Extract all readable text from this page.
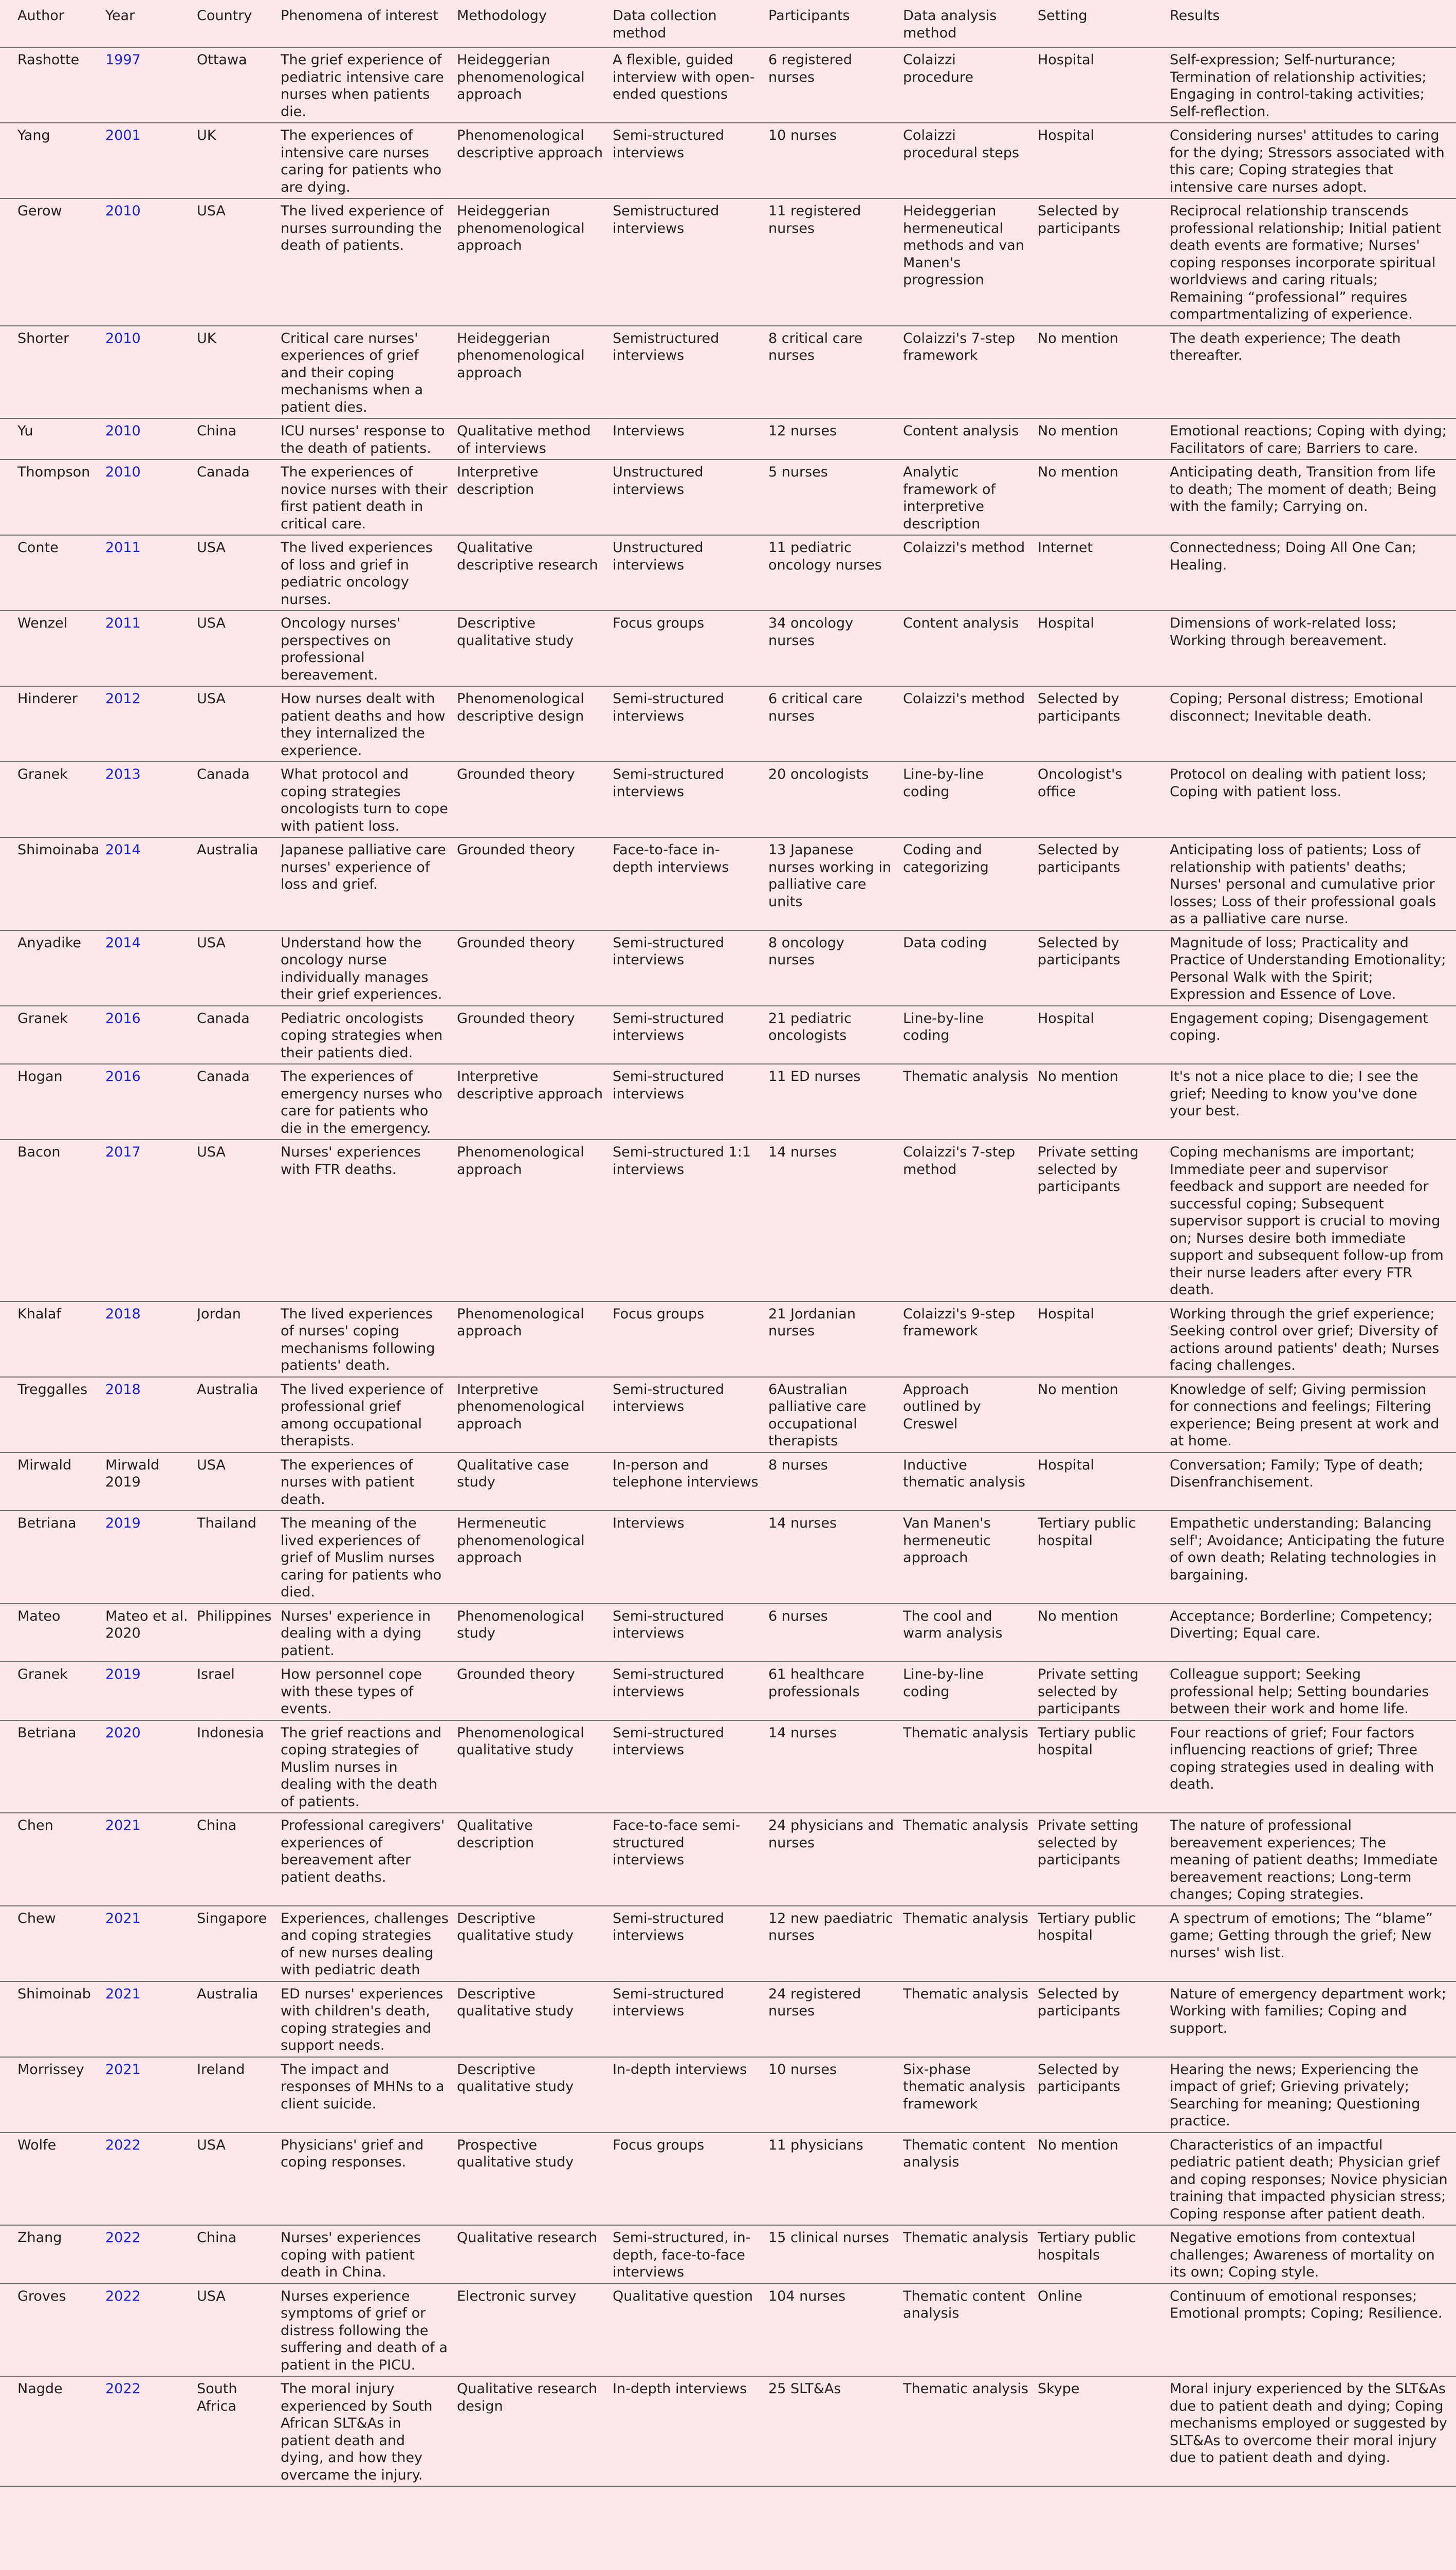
Author	Year	Country	Phenomena of interest	Methodology	Data collection method	Participants	Data analysis method	Setting	Results
Rashotte	1997	Ottawa	The grief experience of pediatric intensive care nurses when patients die.	Heideggerian phenomenological approach	A flexible, guided interview with open-ended questions	6 registered nurses	Colaizzi procedure	Hospital	Self-expression; Self-nurturance; Termination of relationship activities; Engaging in control-taking activities; Self-reflection.
Yang	2001	UK	The experiences of intensive care nurses caring for patients who are dying.	Phenomenological descriptive approach	Semi-structured interviews	10 nurses	Colaizzi procedural steps	Hospital	Considering nurses' attitudes to caring for the dying; Stressors associated with this care; Coping strategies that intensive care nurses adopt.
Gerow	2010	USA	The lived experience of nurses surrounding the death of patients.	Heideggerian phenomenological approach	Semistructured interviews	11 registered nurses	Heideggerian hermeneutical methods and van Manen's progression	Selected by participants	Reciprocal relationship transcends professional relationship; Initial patient death events are formative; Nurses' coping responses incorporate spiritual worldviews and caring rituals; Remaining “professional” requires compartmentalizing of experience.
Shorter	2010	UK	Critical care nurses' experiences of grief and their coping mechanisms when a patient dies.	Heideggerian phenomenological approach	Semistructured interviews	8 critical care nurses	Colaizzi's 7-step framework	No mention	The death experience; The death thereafter.
Yu	2010	China	ICU nurses' response to the death of patients.	Qualitative method of interviews	Interviews	12 nurses	Content analysis	No mention	Emotional reactions; Coping with dying; Facilitators of care; Barriers to care.
Thompson	2010	Canada	The experiences of novice nurses with their first patient death in critical care.	Interpretive description	Unstructured interviews	5 nurses	Analytic framework of interpretive description	No mention	Anticipating death, Transition from life to death; The moment of death; Being with the family; Carrying on.
Conte	2011	USA	The lived experiences of loss and grief in pediatric oncology nurses.	Qualitative descriptive research	Unstructured interviews	11 pediatric oncology nurses	Colaizzi's method	Internet	Connectedness; Doing All One Can; Healing.
Wenzel	2011	USA	Oncology nurses' perspectives on professional bereavement.	Descriptive qualitative study	Focus groups	34 oncology nurses	Content analysis	Hospital	Dimensions of work-related loss; Working through bereavement.
Hinderer	2012	USA	How nurses dealt with patient deaths and how they internalized the experience.	Phenomenological descriptive design	Semi-structured interviews	6 critical care nurses	Colaizzi's method	Selected by participants	Coping; Personal distress; Emotional disconnect; Inevitable death.
Granek	2013	Canada	What protocol and coping strategies oncologists turn to cope with patient loss.	Grounded theory	Semi-structured interviews	20 oncologists	Line-by-line coding	Oncologist's office	Protocol on dealing with patient loss; Coping with patient loss.
Shimoinaba	2014	Australia	Japanese palliative care nurses' experience of loss and grief.	Grounded theory	Face-to-face in-depth interviews	13 Japanese nurses working in palliative care units	Coding and categorizing	Selected by participants	Anticipating loss of patients; Loss of relationship with patients' deaths; Nurses' personal and cumulative prior losses; Loss of their professional goals as a palliative care nurse.
Anyadike	2014	USA	Understand how the oncology nurse individually manages their grief experiences.	Grounded theory	Semi-structured interviews	8 oncology nurses	Data coding	Selected by participants	Magnitude of loss; Practicality and Practice of Understanding Emotionality; Personal Walk with the Spirit; Expression and Essence of Love.
Granek	2016	Canada	Pediatric oncologists coping strategies when their patients died.	Grounded theory	Semi-structured interviews	21 pediatric oncologists	Line-by-line coding	Hospital	Engagement coping; Disengagement coping.
Hogan	2016	Canada	The experiences of emergency nurses who care for patients who die in the emergency.	Interpretive descriptive approach	Semi-structured interviews	11 ED nurses	Thematic analysis	No mention	It's not a nice place to die; I see the grief; Needing to know you've done your best.
Bacon	2017	USA	Nurses' experiences with FTR deaths.	Phenomenological approach	Semi-structured 1:1 interviews	14 nurses	Colaizzi's 7-step method	Private setting selected by participants	Coping mechanisms are important; Immediate peer and supervisor feedback and support are needed for successful coping; Subsequent supervisor support is crucial to moving on; Nurses desire both immediate support and subsequent follow-up from their nurse leaders after every FTR death.
Khalaf	2018	Jordan	The lived experiences of nurses' coping mechanisms following patients' death.	Phenomenological approach	Focus groups	21 Jordanian nurses	Colaizzi's 9-step framework	Hospital	Working through the grief experience; Seeking control over grief; Diversity of actions around patients' death; Nurses facing challenges.
Treggalles	2018	Australia	The lived experience of professional grief among occupational therapists.	Interpretive phenomenological approach	Semi-structured interviews	6Australian palliative care occupational therapists	Approach outlined by Creswel	No mention	Knowledge of self; Giving permission for connections and feelings; Filtering experience; Being present at work and at home.
Mirwald	Mirwald 2019	USA	The experiences of nurses with patient death.	Qualitative case study	In-person and telephone interviews	8 nurses	Inductive thematic analysis	Hospital	Conversation; Family; Type of death; Disenfranchisement.
Betriana	2019	Thailand	The meaning of the lived experiences of grief of Muslim nurses caring for patients who died.	Hermeneutic phenomenological approach	Interviews	14 nurses	Van Manen's hermeneutic approach	Tertiary public hospital	Empathetic understanding; Balancing self'; Avoidance; Anticipating the future of own death; Relating technologies in bargaining.
Mateo	Mateo et al. 2020	Philippines	Nurses' experience in dealing with a dying patient.	Phenomenological study	Semi-structured interviews	6 nurses	The cool and warm analysis	No mention	Acceptance; Borderline; Competency; Diverting; Equal care.
Granek	2019	Israel	How personnel cope with these types of events.	Grounded theory	Semi-structured interviews	61 healthcare professionals	Line-by-line coding	Private setting selected by participants	Colleague support; Seeking professional help; Setting boundaries between their work and home life.
Betriana	2020	Indonesia	The grief reactions and coping strategies of Muslim nurses in dealing with the death of patients.	Phenomenological qualitative study	Semi-structured interviews	14 nurses	Thematic analysis	Tertiary public hospital	Four reactions of grief; Four factors influencing reactions of grief; Three coping strategies used in dealing with death.
Chen	2021	China	Professional caregivers' experiences of bereavement after patient deaths.	Qualitative description	Face-to-face semi-structured interviews	24 physicians and nurses	Thematic analysis	Private setting selected by participants	The nature of professional bereavement experiences; The meaning of patient deaths; Immediate bereavement reactions; Long-term changes; Coping strategies.
Chew	2021	Singapore	Experiences, challenges and coping strategies of new nurses dealing with pediatric death	Descriptive qualitative study	Semi-structured interviews	12 new paediatric nurses	Thematic analysis	Tertiary public hospital	A spectrum of emotions; The “blame” game; Getting through the grief; New nurses' wish list.
Shimoinab	2021	Australia	ED nurses' experiences with children's death, coping strategies and support needs.	Descriptive qualitative study	Semi-structured interviews	24 registered nurses	Thematic analysis	Selected by participants	Nature of emergency department work; Working with families; Coping and support.
Morrissey	2021	Ireland	The impact and responses of MHNs to a client suicide.	Descriptive qualitative study	In-depth interviews	10 nurses	Six-phase thematic analysis framework	Selected by participants	Hearing the news; Experiencing the impact of grief; Grieving privately; Searching for meaning; Questioning practice.
Wolfe	2022	USA	Physicians' grief and coping responses.	Prospective qualitative study	Focus groups	11 physicians	Thematic content analysis	No mention	Characteristics of an impactful pediatric patient death; Physician grief and coping responses; Novice physician training that impacted physician stress; Coping response after patient death.
Zhang	2022	China	Nurses' experiences coping with patient death in China.	Qualitative research	Semi-structured, in-depth, face-to-face interviews	15 clinical nurses	Thematic analysis	Tertiary public hospitals	Negative emotions from contextual challenges; Awareness of mortality on its own; Coping style.
Groves	2022	USA	Nurses experience symptoms of grief or distress following the suffering and death of a patient in the PICU.	Electronic survey	Qualitative question	104 nurses	Thematic content analysis	Online	Continuum of emotional responses; Emotional prompts; Coping; Resilience.
Nagde	2022	South Africa	The moral injury experienced by South African SLT&As in patient death and dying, and how they overcame the injury.	Qualitative research design	In-depth interviews	25 SLT&As	Thematic analysis	Skype	Moral injury experienced by the SLT&As due to patient death and dying; Coping mechanisms employed or suggested by SLT&As to overcome their moral injury due to patient death and dying.
